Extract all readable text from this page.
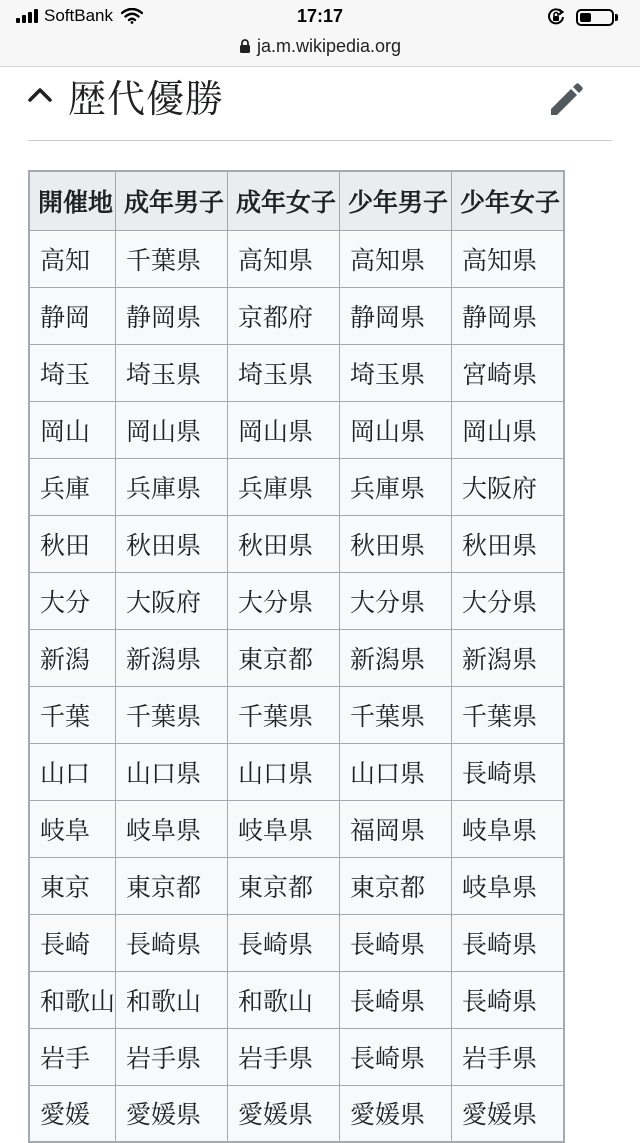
SoftBank	17:17
ja.m.wikipedia.org
歴代優勝
開催地	成年男子	成年女子	少年男子	少年女子
高知	千葉県	高知県	高知県	高知県
静岡	静岡県	京都府	静岡県	静岡県
埼玉	埼玉県	埼玉県	埼玉県	宮崎県
岡山	岡山県	岡山県	岡山県	岡山県
兵庫	兵庫県	兵庫県	兵庫県	大阪府
秋田	秋田県	秋田県	秋田県	秋田県
大分	大阪府	大分県	大分県	大分県
新潟	新潟県	東京都	新潟県	新潟県
千葉	千葉県	千葉県	千葉県	千葉県
山口	山口県	山口県	山口県	長崎県
岐阜	岐阜県	岐阜県	福岡県	岐阜県
東京	東京都	東京都	東京都	岐阜県
長崎	長崎県	長崎県	長崎県	長崎県
和歌山	和歌山	和歌山	長崎県	長崎県
岩手	岩手県	岩手県	長崎県	岩手県
愛媛	愛媛県	愛媛県	愛媛県	愛媛県
